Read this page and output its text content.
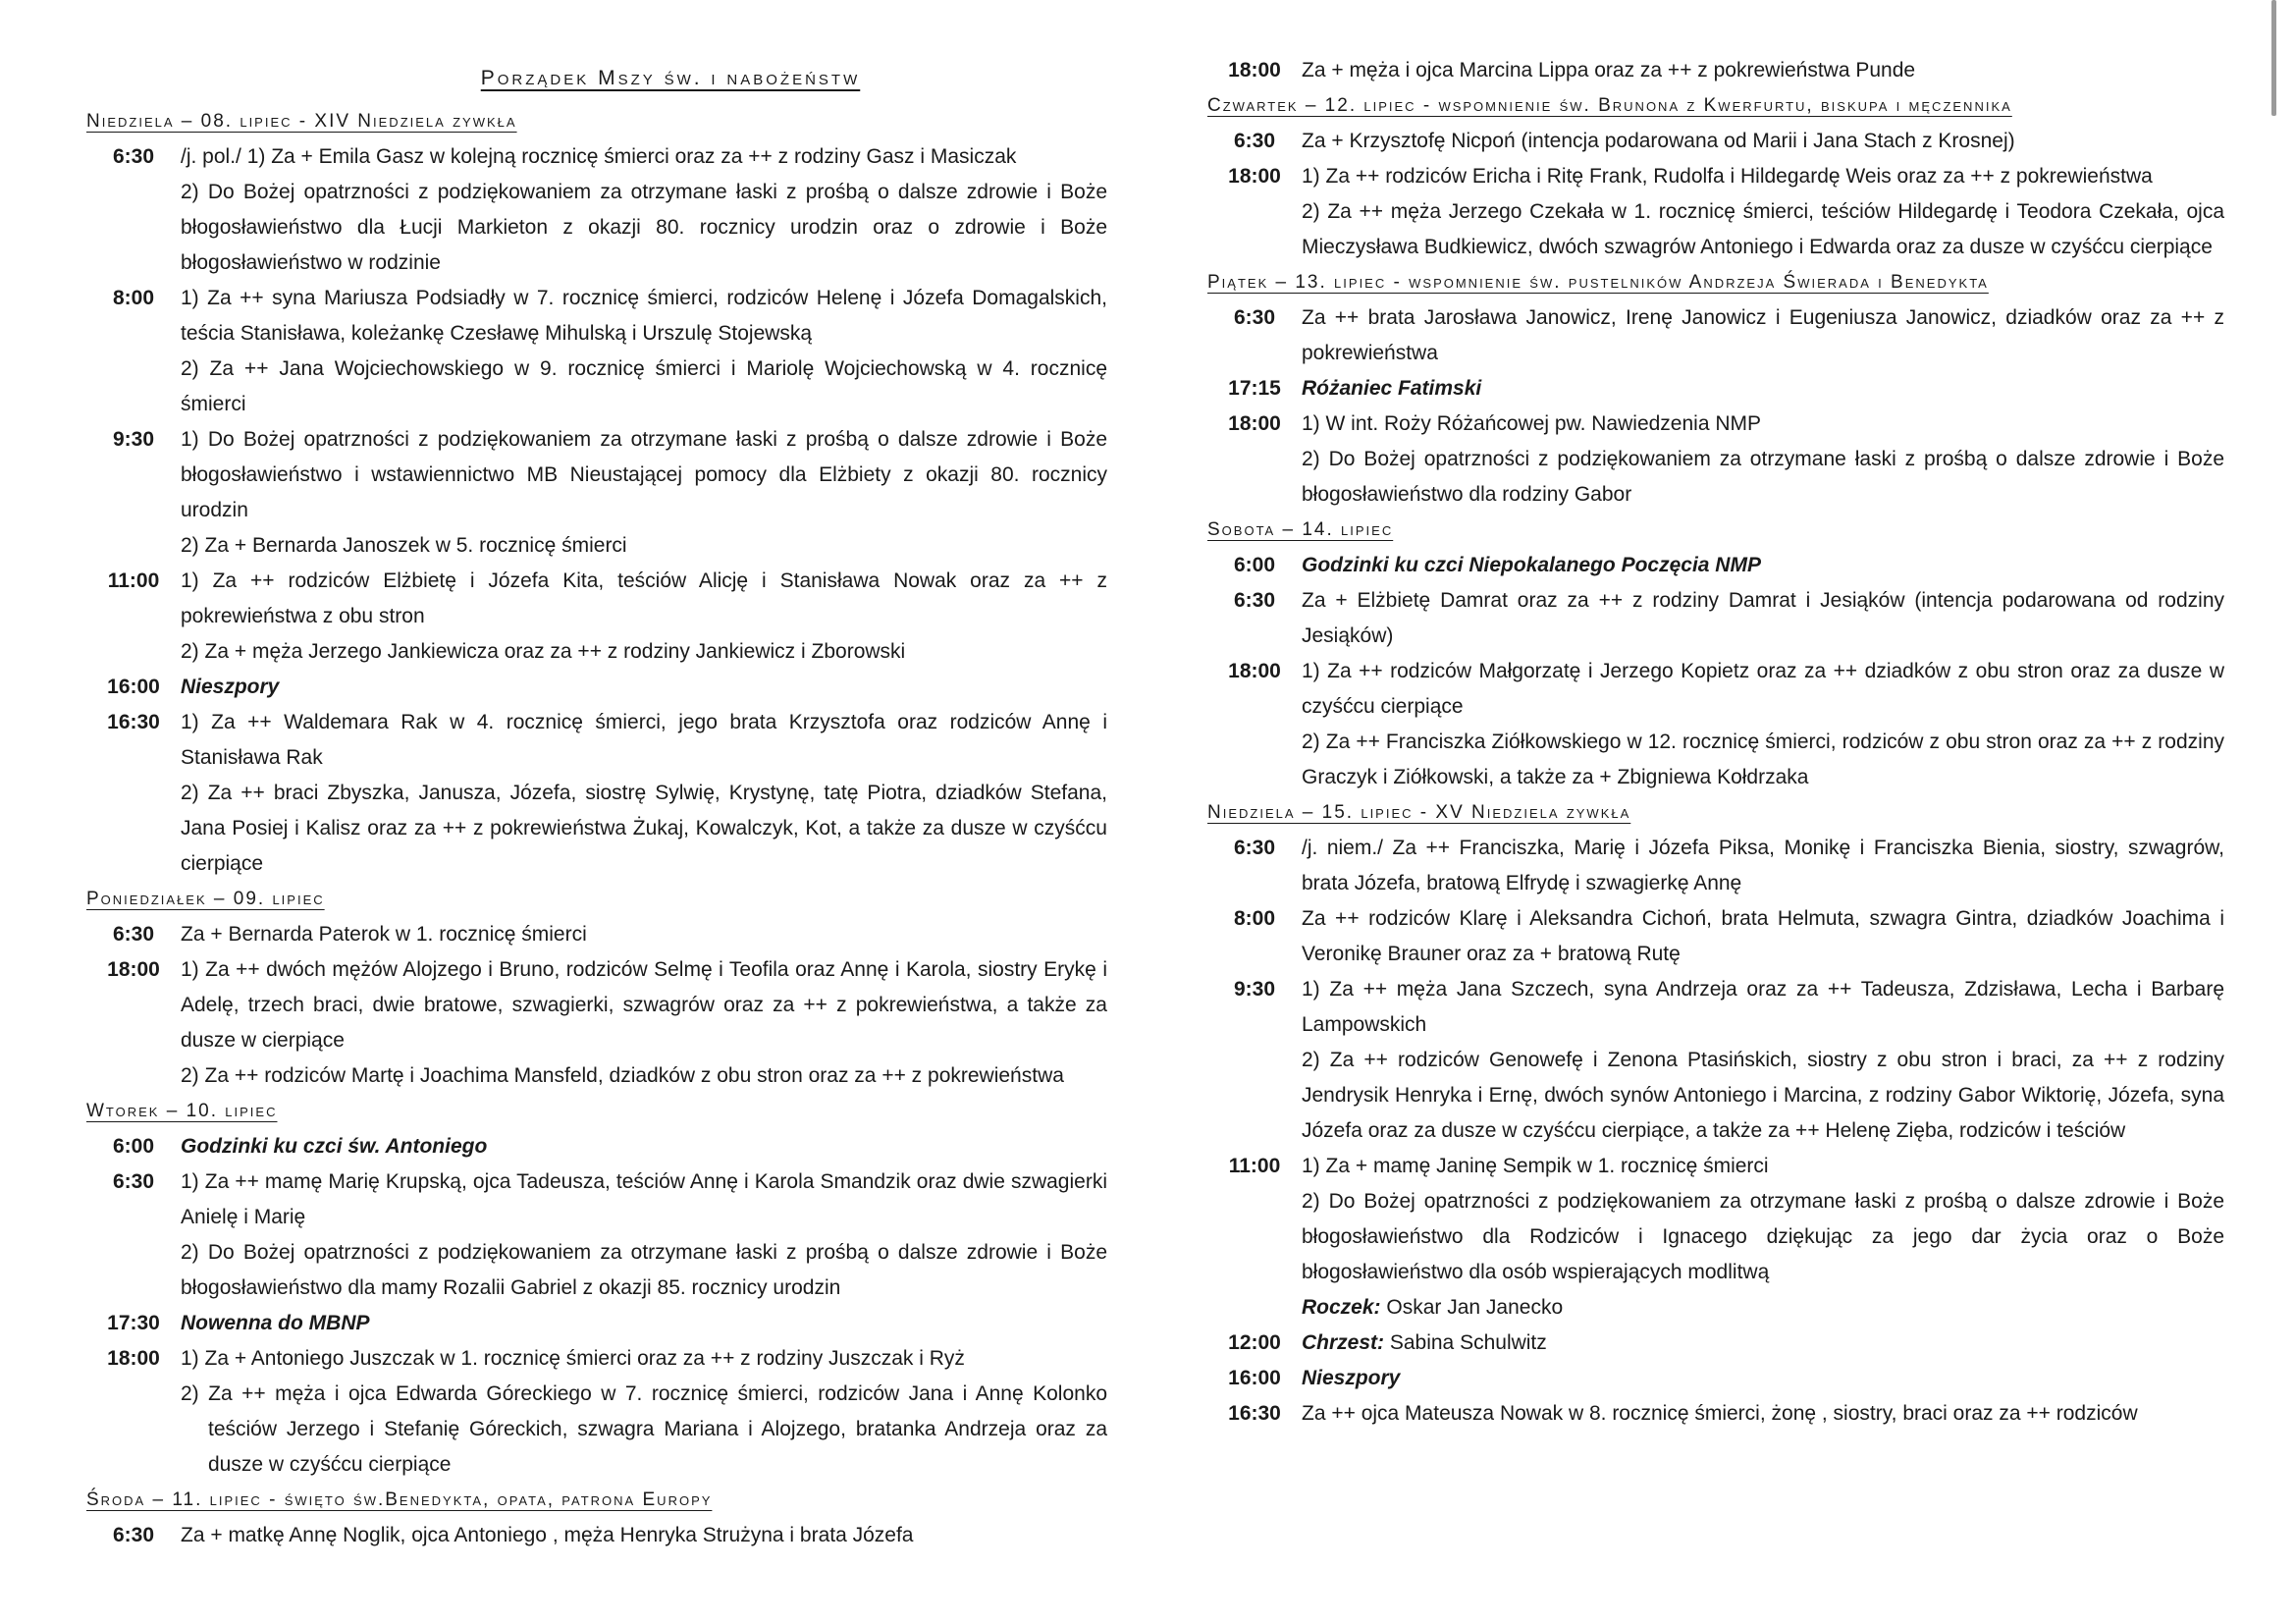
Porządek Mszy św. i nabożeństw
Niedziela – 08. lipiec - XIV Niedziela zywkła
6:30	/j. pol./ 1) Za + Emila Gasz w kolejną rocznicę śmierci oraz za ++ z rodziny Gasz i Masiczak
2) Do Bożej opatrzności z podziękowaniem za otrzymane łaski z prośbą o dalsze zdrowie i Boże błogosławieństwo dla Łucji Markieton z okazji 80. rocznicy urodzin oraz o zdrowie i Boże błogosławieństwo w rodzinie
8:00	1) Za ++ syna Mariusza Podsiadły w 7. rocznicę śmierci, rodziców Helenę i Józefa Domagalskich, teścia Stanisława, koleżankę Czesławę Mihulską i Urszulę Stojewską
2) Za ++ Jana Wojciechowskiego w 9. rocznicę śmierci i Mariolę Wojciechowską w 4. rocznicę śmierci
9:30	1) Do Bożej opatrzności z podziękowaniem za otrzymane łaski z prośbą o dalsze zdrowie i Boże błogosławieństwo i wstawiennictwo MB Nieustającej pomocy dla Elżbiety z okazji 80. rocznicy urodzin
2) Za + Bernarda Janoszek w 5. rocznicę śmierci
11:00	1) Za ++ rodziców Elżbietę i Józefa Kita, teściów Alicję i Stanisława Nowak oraz za ++ z pokrewieństwa z obu stron
2) Za + męża Jerzego Jankiewicza oraz za ++ z rodziny Jankiewicz i Zborowski
16:00	Nieszpory
16:30	1) Za ++ Waldemara Rak w 4. rocznicę śmierci, jego brata Krzysztofa oraz rodziców Annę i Stanisława Rak
2) Za ++ braci Zbyszka, Janusza, Józefa, siostrę Sylwię, Krystynę, tatę Piotra, dziadków Stefana, Jana Posiej i Kalisz oraz za ++ z pokrewieństwa Żukaj, Kowalczyk, Kot, a także za dusze w czyśćcu cierpiące
Poniedziałek – 09. lipiec
6:30	Za + Bernarda Paterok w 1. rocznicę śmierci
18:00	1) Za ++ dwóch mężów Alojzego i Bruno, rodziców Selmę i Teofila oraz Annę i Karola, siostry Erykę i Adelę, trzech braci, dwie bratowe, szwagierki, szwagrów oraz za ++ z pokrewieństwa, a także za dusze w cierpiące
2) Za ++ rodziców Martę i Joachima Mansfeld, dziadków z obu stron oraz za ++ z pokrewieństwa
Wtorek – 10. lipiec
6:00	Godzinki ku czci św. Antoniego
6:30	1) Za ++ mamę Marię Krupską, ojca Tadeusza, teściów Annę i Karola Smandzik oraz dwie szwagierki Anielę i Marię
2) Do Bożej opatrzności z podziękowaniem za otrzymane łaski z prośbą o dalsze zdrowie i Boże błogosławieństwo dla mamy Rozalii Gabriel z okazji 85. rocznicy urodzin
17:30	Nowenna do MBNP
18:00	1) Za + Antoniego Juszczak w 1. rocznicę śmierci oraz za ++ z rodziny Juszczak i Ryż
2) Za ++ męża i ojca Edwarda Góreckiego w 7. rocznicę śmierci, rodziców Jana i Annę Kolonko teściów Jerzego i Stefanię Góreckich, szwagra Mariana i Alojzego, bratanka Andrzeja oraz za dusze w czyśćcu cierpiące
Środa – 11. lipiec - święto św.Benedykta, opata, patrona Europy
6:30	Za + matkę Annę Noglik, ojca Antoniego , męża Henryka Strużyna i brata Józefa
18:00	Za + męża i ojca Marcina Lippa oraz za ++ z pokrewieństwa Punde
Czwartek – 12. lipiec - wspomnienie św. Brunona z Kwerfurtu, biskupa i męczennika
6:30	Za + Krzysztofę Nicpoń (intencja podarowana od Marii i Jana Stach z Krosnej)
18:00	1) Za ++ rodziców Ericha i Ritę Frank, Rudolfa i Hildegardę Weis oraz za ++ z pokrewieństwa
2) Za ++ męża Jerzego Czekała w 1. rocznicę śmierci, teściów Hildegardę i Teodora Czekała, ojca Mieczysława Budkiewicz, dwóch szwagrów Antoniego i Edwarda oraz za dusze w czyśćcu cierpiące
Piątek – 13. lipiec - wspomnienie św. pustelników Andrzeja Świerada i Benedykta
6:30	Za ++ brata Jarosława Janowicz, Irenę Janowicz i Eugeniusza Janowicz, dziadków oraz za ++ z pokrewieństwa
17:15	Różaniec Fatimski
18:00	1) W int. Roży Różańcowej pw. Nawiedzenia NMP
2) Do Bożej opatrzności z podziękowaniem za otrzymane łaski z prośbą o dalsze zdrowie i Boże błogosławieństwo dla rodziny Gabor
Sobota – 14. lipiec
6:00	Godzinki ku czci Niepokalanego Poczęcia NMP
6:30	Za + Elżbietę Damrat oraz za ++ z rodziny Damrat i Jesiąków (intencja podarowana od rodziny Jesiąków)
18:00	1) Za ++ rodziców Małgorzatę i Jerzego Kopietz oraz za ++ dziadków z obu stron oraz za dusze w czyśćcu cierpiące
2) Za ++ Franciszka Ziółkowskiego w 12. rocznicę śmierci, rodziców z obu stron oraz za ++ z rodziny Graczyk i Ziółkowski, a także za + Zbigniewa Kołdrzaka
Niedziela – 15. lipiec - XV Niedziela zywkła
6:30	/j. niem./ Za ++ Franciszka, Marię i Józefa Piksa, Monikę i Franciszka Bienia, siostry, szwagrów, brata Józefa, bratową Elfrydę i szwagierkę Annę
8:00	Za ++ rodziców Klarę i Aleksandra Cichoń, brata Helmuta, szwagra Gintra, dziadków Joachima i Veronikę Brauner oraz za + bratową Rutę
9:30	1) Za ++ męża Jana Szczech, syna Andrzeja oraz za ++ Tadeusza, Zdzisława, Lecha i Barbarę Lampowskich
2) Za ++ rodziców Genowefę i Zenona Ptasińskich, siostry z obu stron i braci, za ++ z rodziny Jendrysik Henryka i Ernę, dwóch synów Antoniego i Marcina, z rodziny Gabor Wiktorię, Józefa, syna Józefa oraz za dusze w czyśćcu cierpiące, a także za ++ Helenę Zięba, rodziców i teściów
11:00	1) Za + mamę Janinę Sempik w 1. rocznicę śmierci
2) Do Bożej opatrzności z podziękowaniem za otrzymane łaski z prośbą o dalsze zdrowie i Boże błogosławieństwo dla Rodziców i Ignacego dziękując za jego dar życia oraz o Boże błogosławieństwo dla osób wspierających modlitwą
Roczek: Oskar Jan Janecko
12:00	Chrzest: Sabina Schulwitz
16:00	Nieszpory
16:30	Za ++ ojca Mateusza Nowak w 8. rocznicę śmierci, żonę , siostry, braci oraz za ++ rodziców
